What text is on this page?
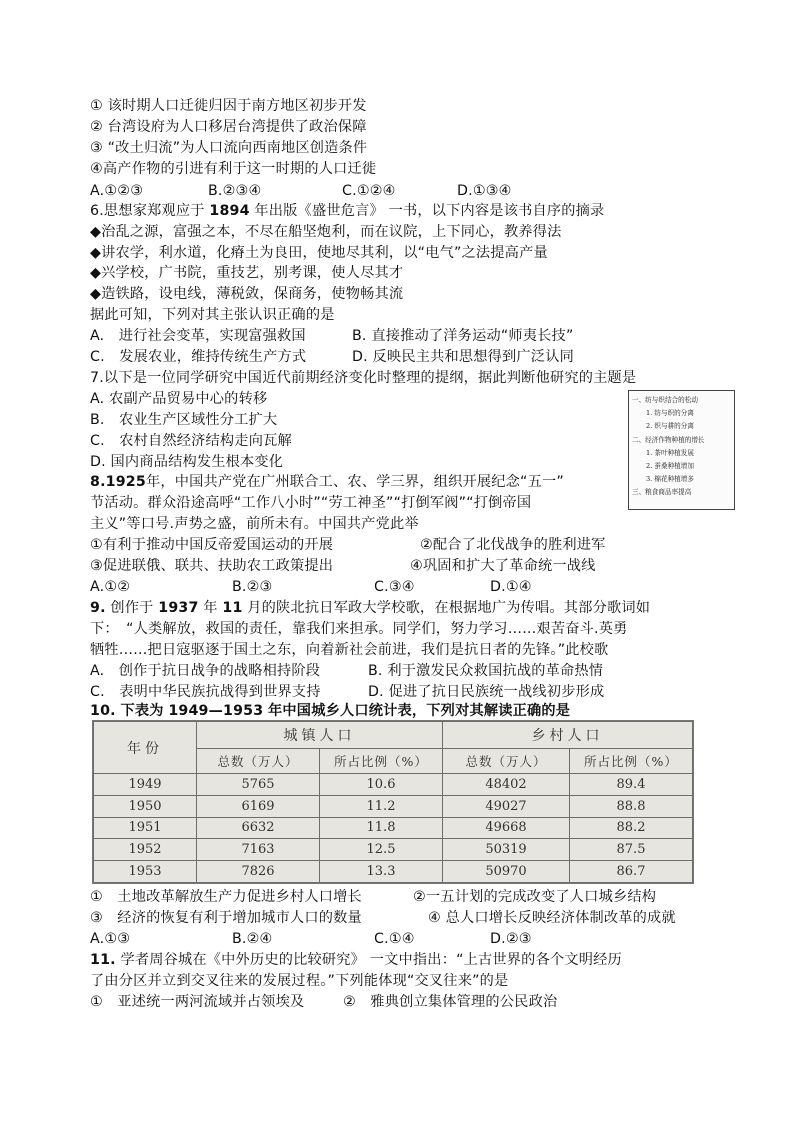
① 该时期人口迁徙归因于南方地区初步开发
② 台湾设府为人口移居台湾提供了政治保障
③ “改土归流”为人口流向西南地区创造条件
④高产作物的引进有利于这一时期的人口迁徙
A.①②③	B.②③④	C.①②④	D.①③④
6.思想家郑观应于 1894 年出版《盛世危言》 一书，以下内容是该书自序的摘录
◆治乱之源，富强之本，不尽在船坚炮利，而在议院，上下同心，教养得法
◆讲农学，利水道，化瘠土为良田，使地尽其利，以“电气”之法提高产量
◆兴学校，广书院，重技艺，别考课，使人尽其才
◆造铁路，设电线，薄税敛，保商务，使物畅其流
据此可知，下列对其主张认识正确的是
A.　进行社会变革，实现富强救国	B. 直接推动了洋务运动“师夷长技”
C.　发展农业，维持传统生产方式	D. 反映民主共和思想得到广泛认同
7.以下是一位同学研究中国近代前期经济变化时整理的提纲，据此判断他研究的主题是
A. 农副产品贸易中心的转移
B.　农业生产区域性分工扩大
C.　农村自然经济结构走向瓦解
D. 国内商品结构发生根本变化
一、纺与织结合的松动
1. 纺与织的分离
2. 织与耕的分离
二、经济作物种植的增长
1. 茶叶种植发展
2. 蚕桑种植增加
3. 棉花种植增多
三、粮食商品率提高
8.1925年，中国共产党在广州联合工、农、学三界，组织开展纪念“五一”
节活动。群众沿途高呼“工作八小时”“劳工神圣”“打倒军阀”“打倒帝国
主义”等口号.声势之盛，前所未有。中国共产党此举
①有利于推动中国反帝爱国运动的开展	②配合了北伐战争的胜利进军
③促进联俄、联共、扶助农工政策提出	④巩固和扩大了革命统一战线
A.①②	B.②③	C.③④	D.①④
9. 创作于 1937 年 11 月的陕北抗日军政大学校歌，在根据地广为传唱。其部分歌词如
下：　“人类解放，救国的责任，靠我们来担承。同学们，努力学习……艰苦奋斗.英勇
牺牲……把日寇驱逐于国土之东，向着新社会前进，我们是抗日者的先锋。”此校歌
A.　创作于抗日战争的战略相持阶段	B. 利于激发民众救国抗战的革命热情
C.　表明中华民族抗战得到世界支持	D. 促进了抗日民族统一战线初步形成
10. 下表为 1949—1953 年中国城乡人口统计表，下列对其解读正确的是
年份	城镇人口		乡村人口	
	总数（万人）	所占比例（%）	总数（万人）	所占比例（%）
1949	5765	10.6	48402	89.4
1950	6169	11.2	49027	88.8
1951	6632	11.8	49668	88.2
1952	7163	12.5	50319	87.5
1953	7826	13.3	50970	86.7
①　土地改革解放生产力促进乡村人口增长	②一五计划的完成改变了人口城乡结构
③　经济的恢复有利于增加城市人口的数量	④ 总人口增长反映经济体制改革的成就
A.①③	B.②④	C.①④	D.②③
11. 学者周谷城在《中外历史的比较研究》 一文中指出：“上古世界的各个文明经历
了由分区并立到交叉往来的发展过程。”下列能体现“交叉往来”的是
①　亚述统一两河流域并占领埃及	②　雅典创立集体管理的公民政治
